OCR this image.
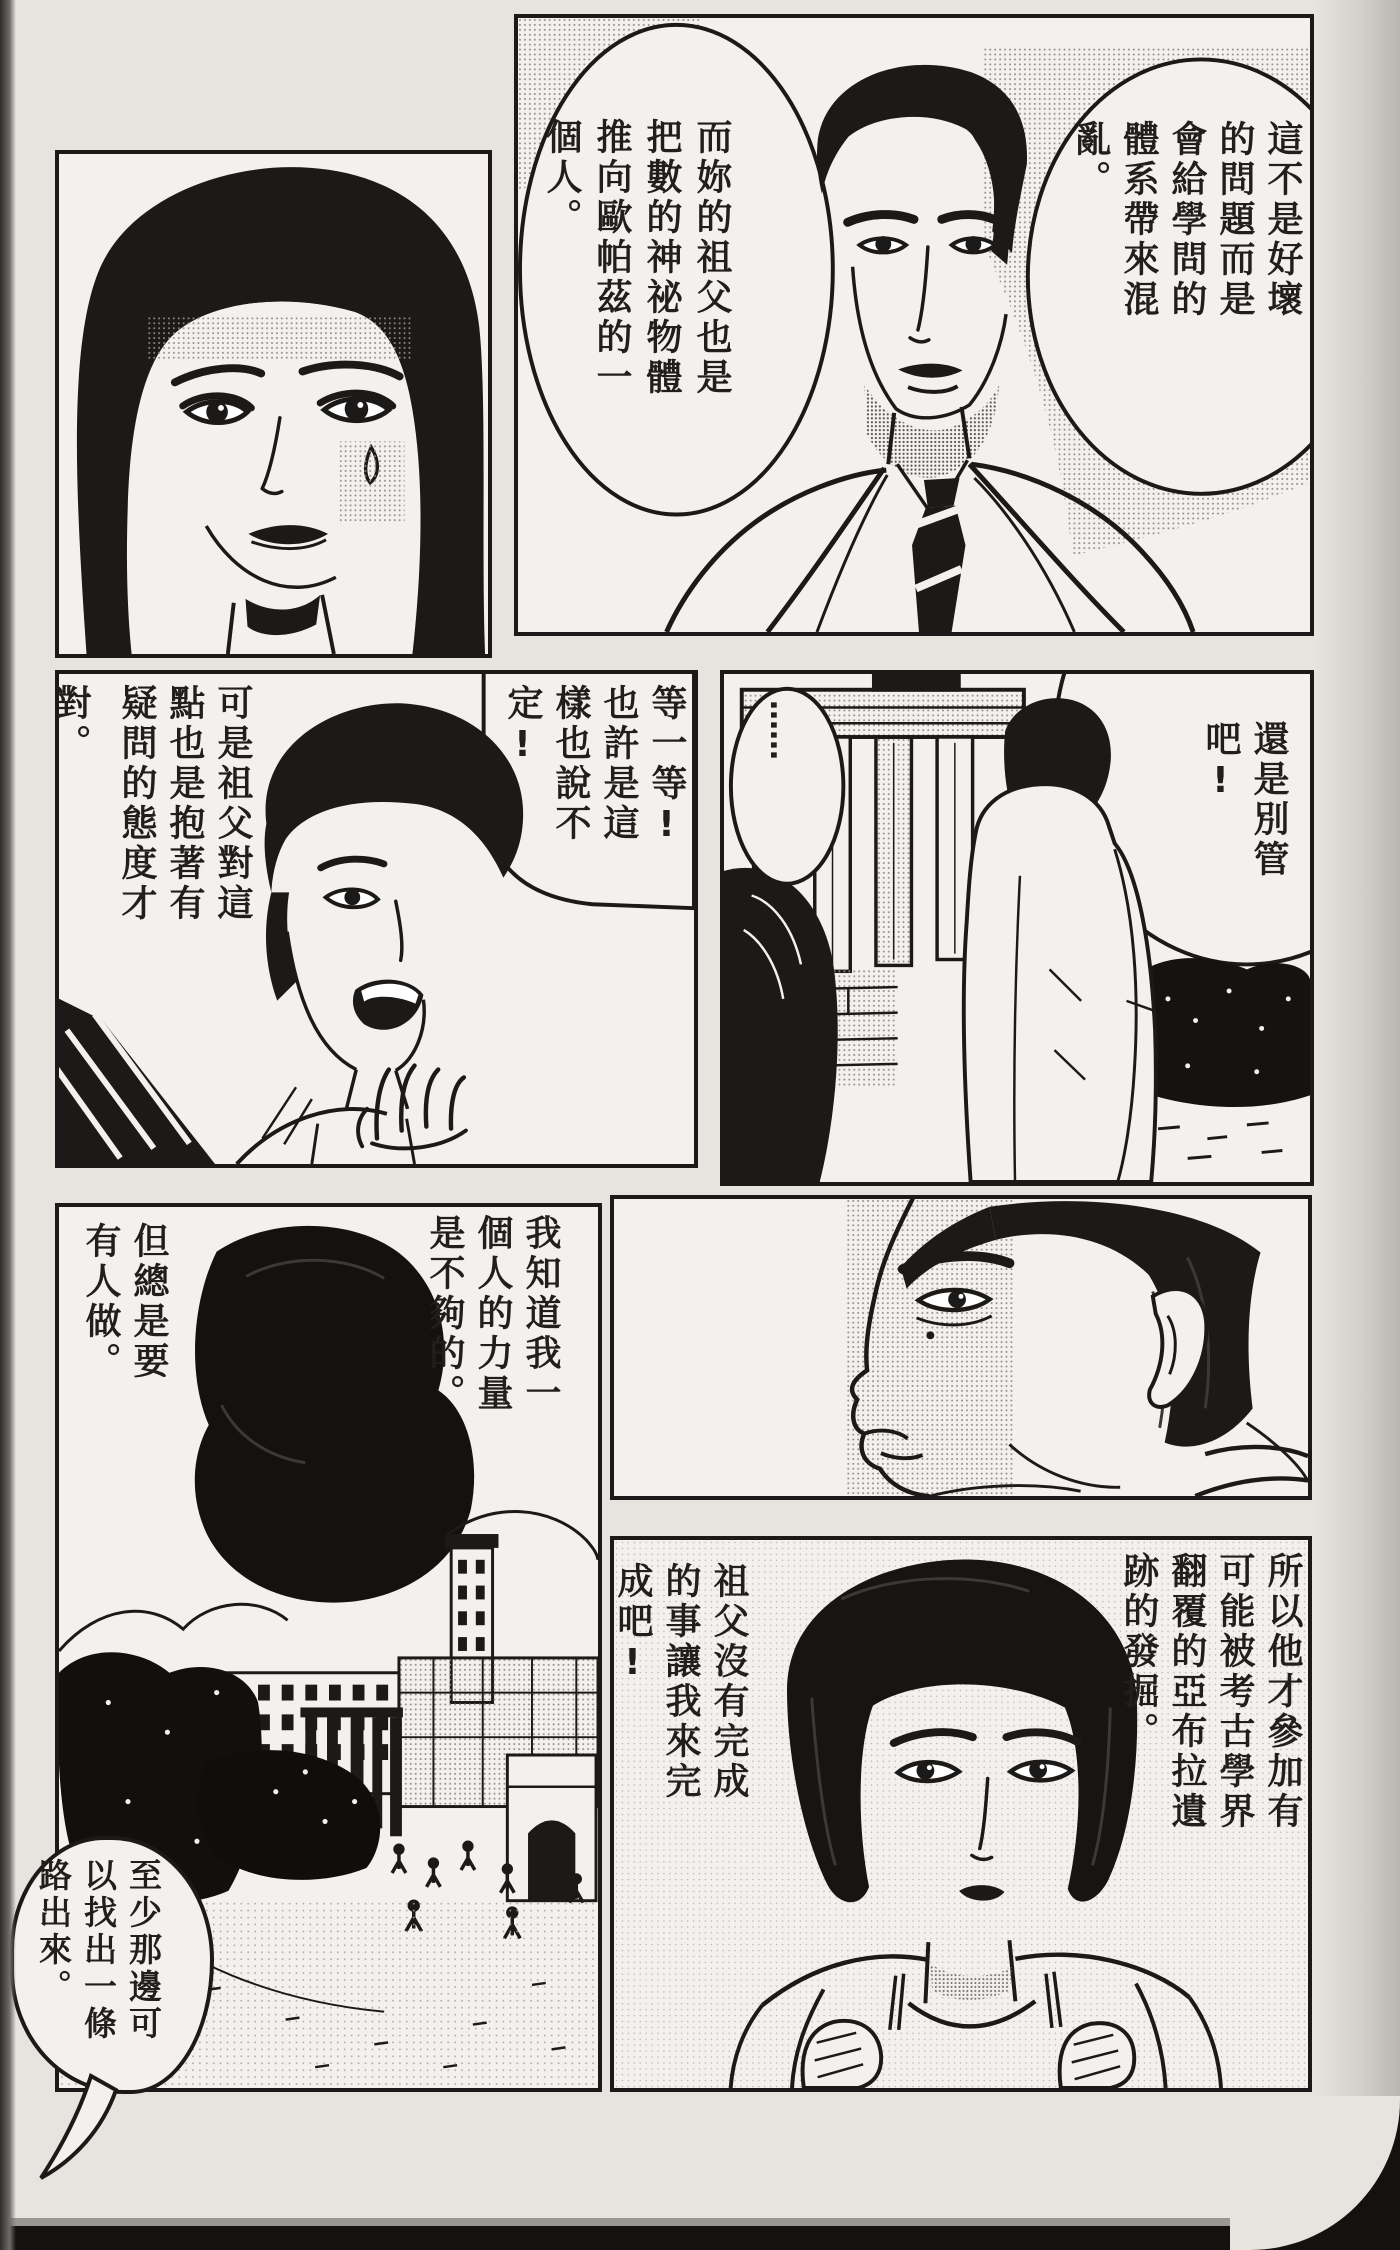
這不是好壞
的問題而是
會給學問的
體系帶來混
亂。
而妳的祖父也是
把數的神祕物體
推向歐帕茲的一
個人。
可是祖父對這
點也是抱著有
疑問的態度才
對。	等一等!
也許是這
樣也說不
定!	……	還是別管
吧!
我知道我一
個人的力量
是不夠的。
但總是要
有人做。
所以他才參加有
可能被考古學界
翻覆的亞布拉遺
跡的發掘。
祖父沒有完成
的事讓我來完
成吧!
至少那邊可
以找出一條
路出來。
